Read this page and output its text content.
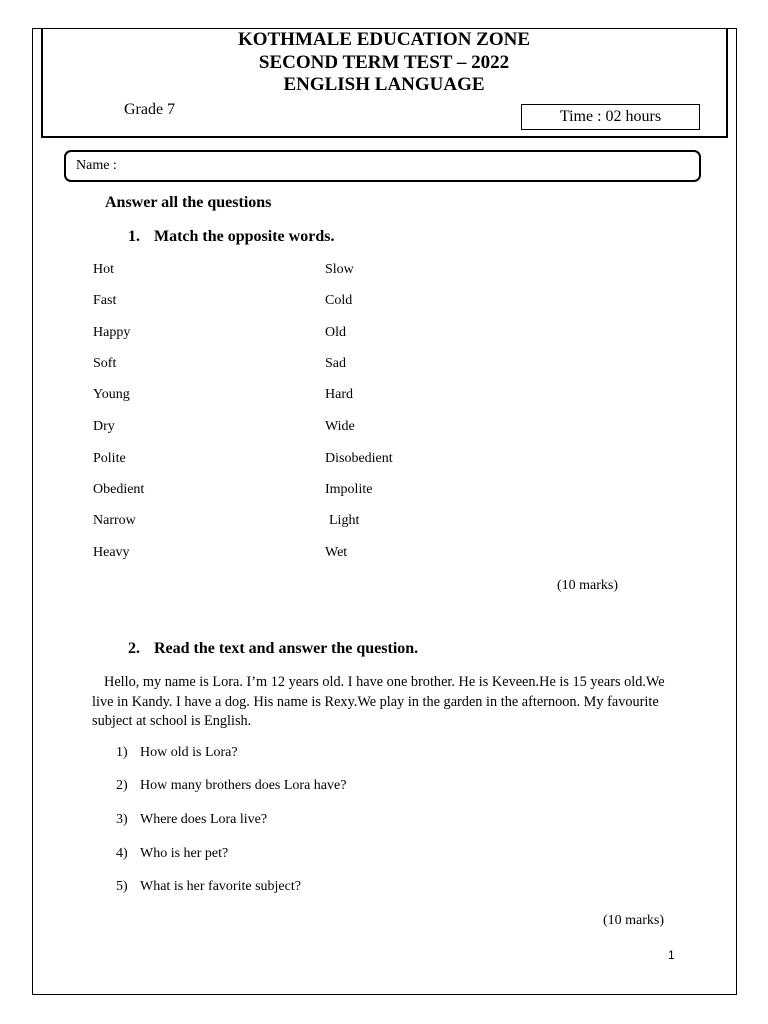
KOTHMALE EDUCATION ZONE
SECOND TERM TEST – 2022
ENGLISH LANGUAGE
Grade 7	Time : 02 hours
Name :
Answer all the questions
1. Match the opposite words.
Hot
Fast
Happy
Soft
Young
Dry
Polite
Obedient
Narrow
Heavy
Slow
Cold
Old
Sad
Hard
Wide
Disobedient
Impolite
Light
Wet
(10 marks)
2. Read the text and answer the question.
Hello, my name is Lora. I’m 12 years old. I have one brother. He is Keveen.He is 15 years old.We live in Kandy. I have a dog. His name is Rexy.We play in the garden in the afternoon. My favourite subject at school is English.
1) How old is Lora?
2) How many brothers does Lora have?
3) Where does Lora live?
4) Who is her pet?
5) What is her favorite subject?
(10 marks)
1
